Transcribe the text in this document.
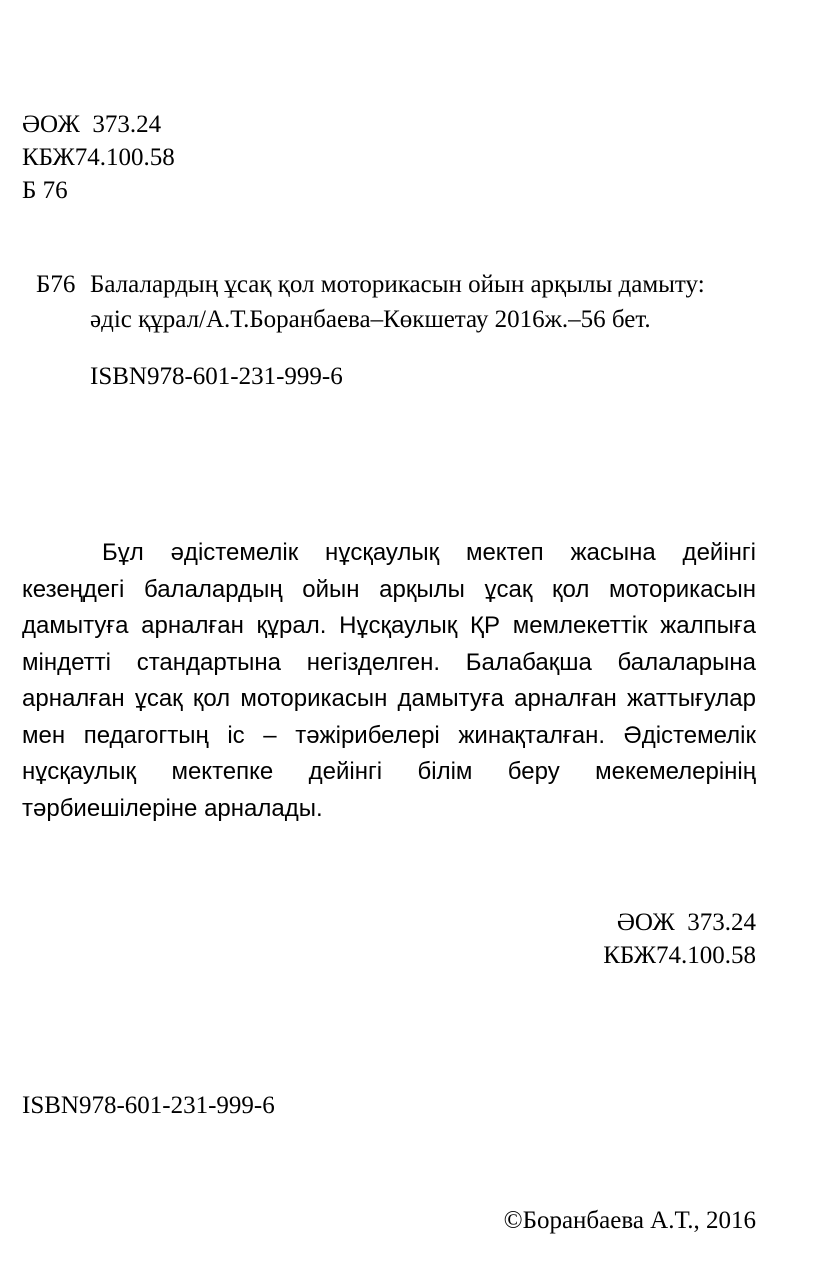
ӘОЖ  373.24
КБЖ74.100.58
Б 76
Б76 Балалардың ұсақ қол моторикасын ойын арқылы дамыту:
әдіс құрал/А.Т.Боранбаева–Көкшетау 2016ж.–56 бет.
ISBN978-601-231-999-6
Бұл әдістемелік нұсқаулық мектеп жасына дейінгі кезеңдегі балалардың ойын арқылы ұсақ қол моторикасын дамытуға арналған құрал. Нұсқаулық ҚР мемлекеттік жалпыға міндетті стандартына негізделген. Балабақша балаларына арналған ұсақ қол моторикасын дамытуға арналған жаттығулар мен педагогтың іс – тәжірибелері жинақталған. Әдістемелік нұсқаулық мектепке дейінгі білім беру мекемелерінің тәрбиешілеріне арналады.
ӘОЖ  373.24
КБЖ74.100.58
ISBN978-601-231-999-6
©Боранбаева А.Т., 2016
